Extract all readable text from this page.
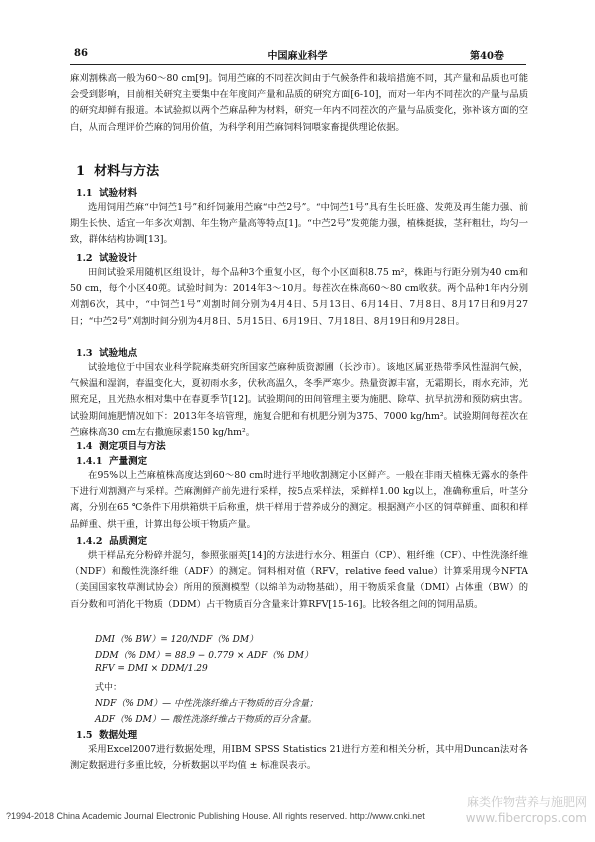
86	中国麻业科学	第40卷

麻刈割株高一般为60～80 cm[9]。饲用苎麻的不同茬次间由于气候条件和栽培措施不同，其产量和品质也可能会受到影响，目前相关研究主要集中在年度间产量和品质的研究方面[6-10]，而对一年内不同茬次的产量与品质的研究却鲜有报道。本试验拟以两个苎麻品种为材料，研究一年内不同茬次的产量与品质变化，弥补该方面的空白，从而合理评价苎麻的饲用价值，为科学利用苎麻饲料饲喂家畜提供理论依据。

1 材料与方法
1.1 试验材料

选用饲用苎麻“中饲苎1号”和纤饲兼用苎麻“中苎2号”。“中饲苎1号”具有生长旺盛、发蔸及再生能力强、前期生长快、适宜一年多次刈割、年生物产量高等特点[1]。“中苎2号”发蔸能力强，植株挺拔，茎秆粗壮，均匀一致，群体结构协调[13]。

1.2 试验设计

田间试验采用随机区组设计，每个品种3个重复小区，每个小区面积8.75 m²，株距与行距分别为40 cm和50 cm，每个小区40蔸。试验时间为：2014年3～10月。每茬次在株高60～80 cm收获。两个品种1年内分别刈割6次，其中，“中饲苎1号”刈割时间分别为4月4日、5月13日、6月14日、7月8日、8月17日和9月27日；“中苎2号”刈割时间分别为4月8日、5月15日、6月19日、7月18日、8月19日和9月28日。

1.3 试验地点

试验地位于中国农业科学院麻类研究所国家苎麻种质资源圃（长沙市）。该地区属亚热带季风性湿润气候，气候温和湿润，春温变化大，夏初雨水多，伏秋高温久，冬季严寒少。热量资源丰富，无霜期长，雨水充沛，光照充足，且光热水相对集中在春夏季节[12]。试验期间的田间管理主要为施肥、除草、抗旱抗涝和预防病虫害。试验期间施肥情况如下：2013年冬培管理，施复合肥和有机肥分别为375、7000 kg/hm²。试验期间每茬次在苎麻株高30 cm左右撒施尿素150 kg/hm²。

1.4 测定项目与方法
1.4.1 产量测定

在95%以上苎麻植株高度达到60～80 cm时进行平地收割测定小区鲜产。一般在非雨天植株无露水的条件下进行刈割测产与采样。苎麻测鲜产前先进行采样，按5点采样法，采鲜样1.00 kg以上，准确称重后，叶茎分离，分别在65 ℃条件下用烘箱烘干后称重，烘干样用于营养成分的测定。根据测产小区的饲草鲜重、面积和样品鲜重、烘干重，计算出每公顷干物质产量。

1.4.2 品质测定

烘干样品充分粉碎并混匀，参照张丽英[14]的方法进行水分、粗蛋白（CP）、粗纤维（CF）、中性洗涤纤维（NDF）和酸性洗涤纤维（ADF）的测定。饲料相对值（RFV，relative feed value）计算采用现今NFTA（美国国家牧草测试协会）所用的预测模型（以绵羊为动物基础），用干物质采食量（DMI）占体重（BW）的百分数和可消化干物质（DDM）占干物质百分含量来计算RFV[15-16]。比较各组之间的饲用品质。

DMI（% BW）= 120/NDF（% DM）
DDM（% DM）= 88.9 − 0.779 × ADF（% DM）
RFV = DMI × DDM/1.29
式中：
NDF（% DM）— 中性洗涤纤维占干物质的百分含量；
ADF（% DM）— 酸性洗涤纤维占干物质的百分含量。
1.5 数据处理

采用Excel2007进行数据处理，用IBM SPSS Statistics 21进行方差和相关分析，其中用Duncan法对各测定数据进行多重比较，分析数据以平均值 ± 标准误表示。

麻类作物营养与施肥网
www.fibercrops.com
?1994-2018 China Academic Journal Electronic Publishing House. All rights reserved. http://www.cnki.net
